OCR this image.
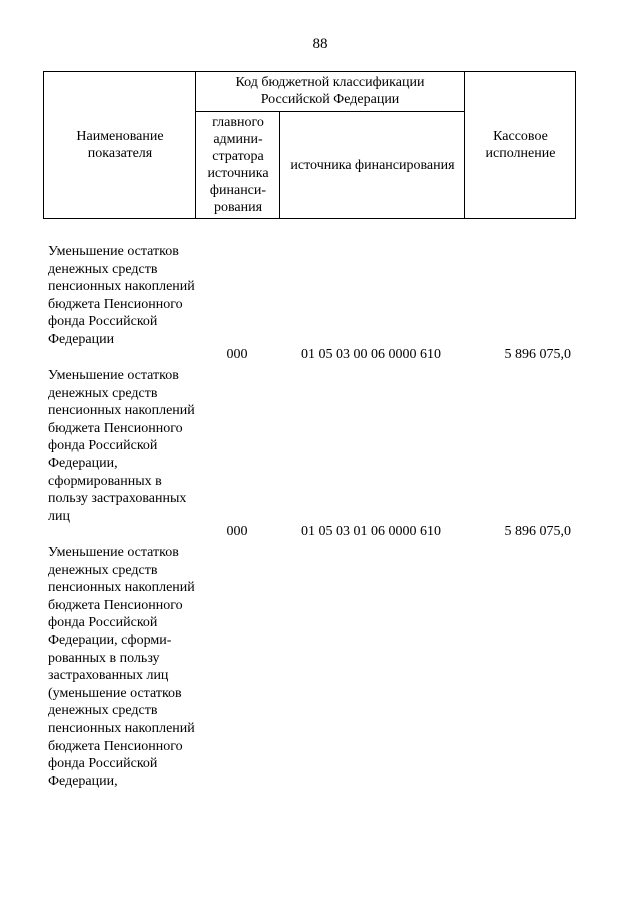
88
Наименование показателя
Код бюджетной классификации Российской Федерации
главного админи-стратора источника финанси-рования
источника финансирования
Кассовое исполнение
Уменьшение остатков денежных средств пенсионных накоплений бюджета Пенсионного фонда Российской Федерации
000	01 05 03 00 06 0000 610	5 896 075,0
Уменьшение остатков денежных средств пенсионных накоплений бюджета Пенсионного фонда Российской Федерации, сформированных в пользу застрахованных лиц
000	01 05 03 01 06 0000 610	5 896 075,0
Уменьшение остатков денежных средств пенсионных накоплений бюджета Пенсионного фонда Российской Федерации, сформи-рованных в пользу застрахованных лиц (уменьшение остатков денежных средств пенсионных накоплений бюджета Пенсионного фонда Российской Федерации,
